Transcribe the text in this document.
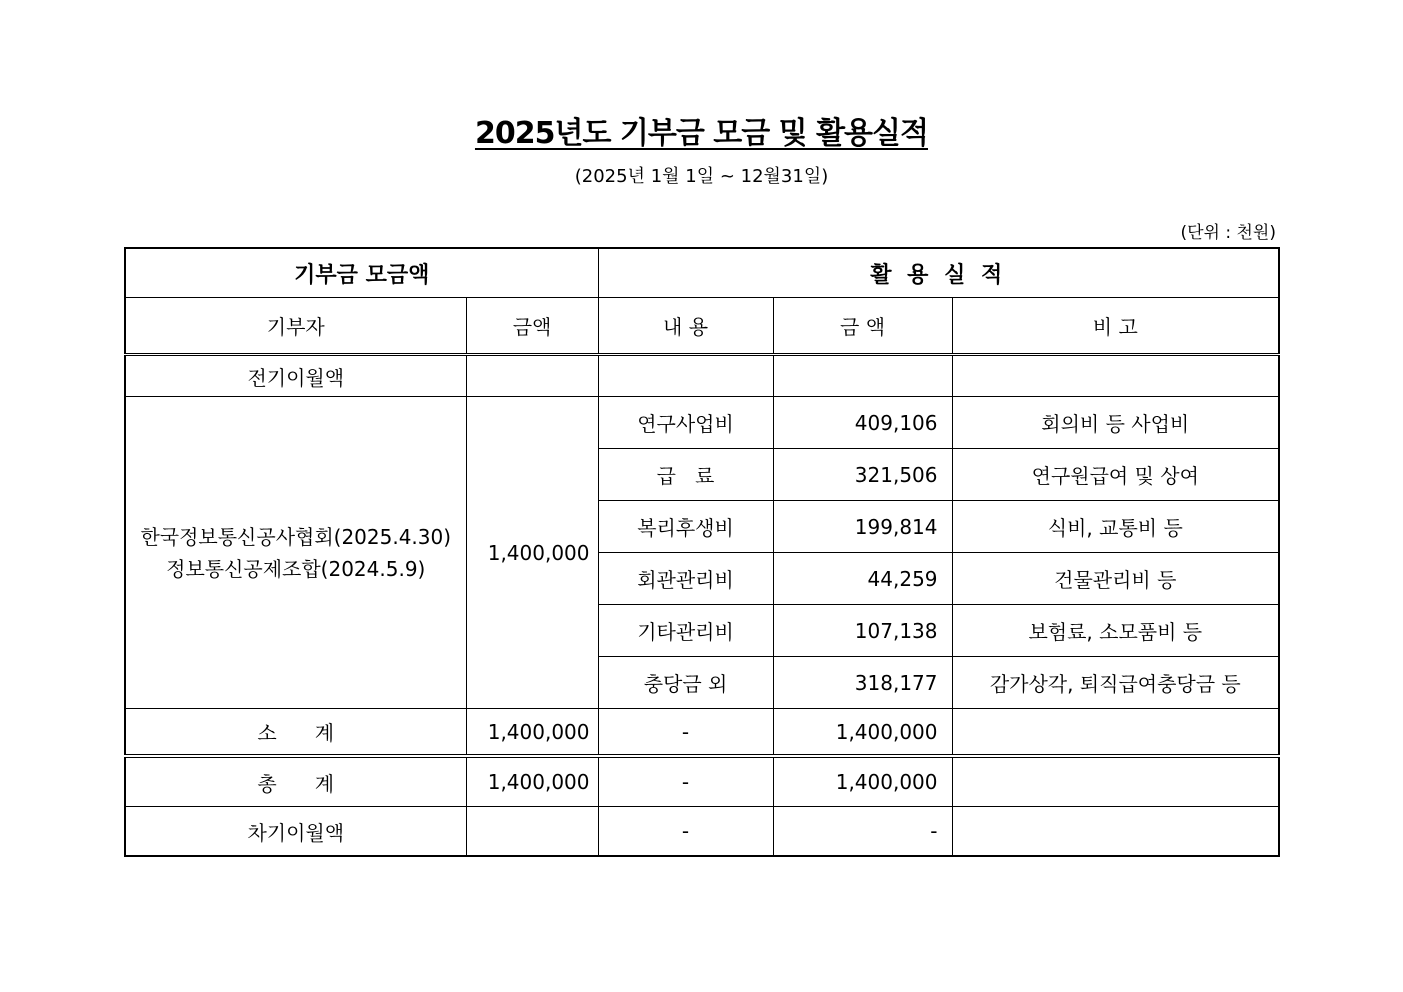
2025년도 기부금 모금 및 활용실적
(2025년 1월 1일 ~ 12월31일)
(단위 : 천원)
기부금 모금액		활 용 실 적		
기부자	금액	내 용	금 액	비 고
전기이월액				

한국정보통신공사협회(2025.4.30)
정보통신공제조합(2024.5.9)	1,400,000	연구사업비	409,106	회의비 등 사업비
		급   료	321,506	연구원급여 및 상여
		복리후생비	199,814	식비, 교통비 등
		회관관리비	44,259	건물관리비 등
		기타관리비	107,138	보험료, 소모품비 등
		충당금 외	318,177	감가상각, 퇴직급여충당금 등
소      계	1,400,000	-	1,400,000	
총      계	1,400,000	-	1,400,000	
차기이월액		-	-	
